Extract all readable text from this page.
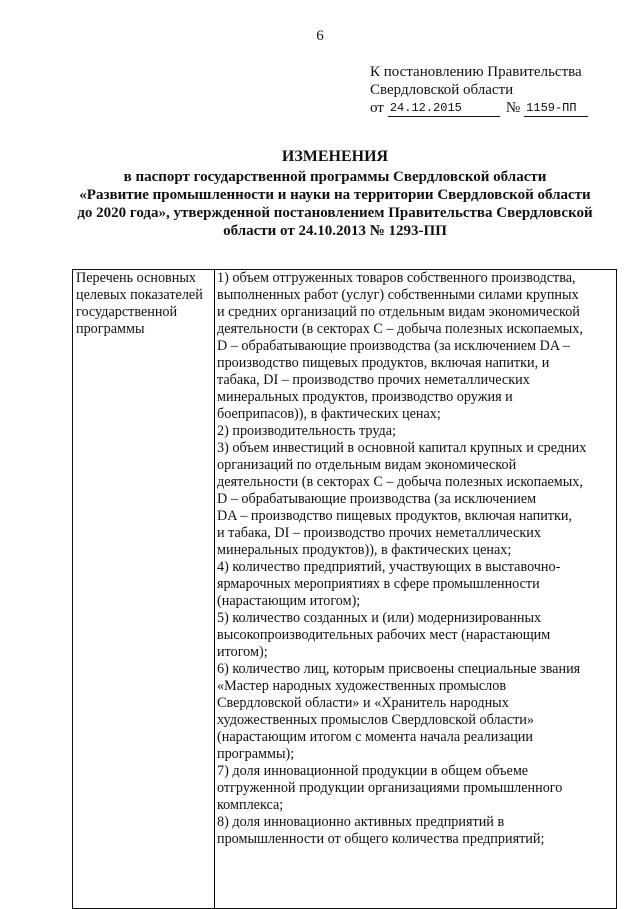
6
К постановлению Правительства
Свердловской области
от 24.12.2015	№ 1159-ПП
ИЗМЕНЕНИЯ
в паспорт государственной программы Свердловской области
«Развитие промышленности и науки на территории Свердловской области
до 2020 года», утвержденной постановлением Правительства Свердловской
области от 24.10.2013 № 1293-ПП
Перечень основных
целевых показателей
государственной
программы

1) объем отгруженных товаров собственного производства,
выполненных работ (услуг) собственными силами крупных
и средних организаций по отдельным видам экономической
деятельности (в секторах С – добыча полезных ископаемых,
D – обрабатывающие производства (за исключением DA –
производство пищевых продуктов, включая напитки, и
табака, DI – производство прочих неметаллических
минеральных продуктов, производство оружия и
боеприпасов)), в фактических ценах;
2) производительность труда;
3) объем инвестиций в основной капитал крупных и средних
организаций по отдельным видам экономической
деятельности (в секторах С – добыча полезных ископаемых,
D – обрабатывающие производства (за исключением
DA – производство пищевых продуктов, включая напитки,
и табака, DI – производство прочих неметаллических
минеральных продуктов)), в фактических ценах;
4) количество предприятий, участвующих в выставочно-
ярмарочных мероприятиях в сфере промышленности
(нарастающим итогом);
5) количество созданных и (или) модернизированных
высокопроизводительных рабочих мест (нарастающим
итогом);
6) количество лиц, которым присвоены специальные звания
«Мастер народных художественных промыслов
Свердловской области» и «Хранитель народных
художественных промыслов Свердловской области»
(нарастающим итогом с момента начала реализации
программы);
7) доля инновационной продукции в общем объеме
отгруженной продукции организациями промышленного
комплекса;
8) доля инновационно активных предприятий в
промышленности от общего количества предприятий;
